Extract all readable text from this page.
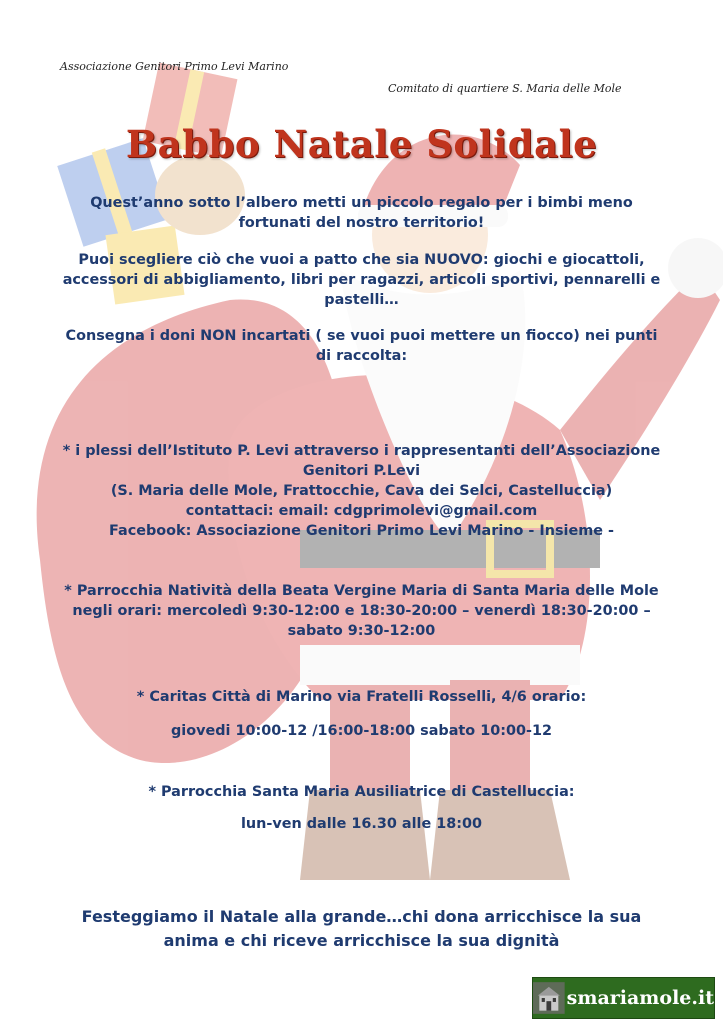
Associazione Genitori Primo Levi Marino
Comitato di quartiere S. Maria delle Mole
Babbo Natale Solidale
Quest’anno sotto l’albero metti un piccolo regalo per i bimbi meno
fortunati del nostro territorio!
Puoi scegliere ciò che vuoi a patto che sia NUOVO: giochi e giocattoli,
accessori di abbigliamento, libri per ragazzi, articoli sportivi, pennarelli e
pastelli…
Consegna i doni NON incartati ( se vuoi puoi mettere un fiocco) nei punti
di raccolta:
* i plessi dell’Istituto P. Levi attraverso i rappresentanti dell’Associazione
Genitori P.Levi
(S. Maria delle Mole, Frattocchie, Cava dei Selci, Castelluccia)
contattaci: email: cdgprimolevi@gmail.com
Facebook: Associazione Genitori Primo Levi Marino - Insieme -
* Parrocchia Natività della Beata Vergine Maria di Santa Maria delle Mole
negli orari: mercoledì 9:30-12:00 e 18:30-20:00 – venerdì 18:30-20:00 –
sabato 9:30-12:00
* Caritas Città di Marino via Fratelli Rosselli, 4/6 orario:
giovedi 10:00-12 /16:00-18:00 sabato 10:00-12
* Parrocchia Santa Maria Ausiliatrice di Castelluccia:
lun-ven dalle 16.30 alle 18:00
Festeggiamo il Natale alla grande…chi dona arricchisce la sua
anima e chi riceve arricchisce la sua dignità
smariamole.it
